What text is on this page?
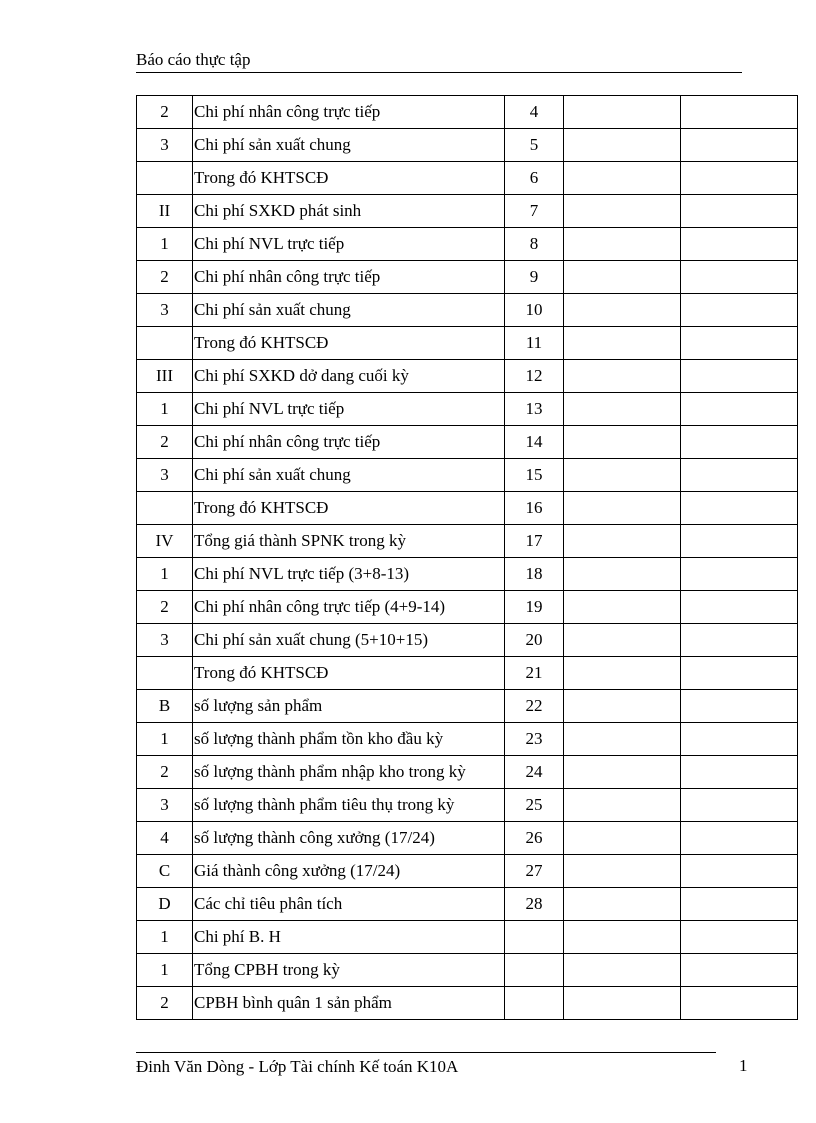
Báo cáo thực tập
2	Chi phí nhân công trực tiếp	4		
3	Chi phí sản xuất chung	5		
	Trong đó KHTSCĐ	6		
II	Chi phí SXKD phát sinh	7		
1	Chi phí NVL trực tiếp	8		
2	Chi phí nhân công trực tiếp	9		
3	Chi phí sản xuất chung	10		
	Trong đó KHTSCĐ	11		
III	Chi phí SXKD dở dang cuối kỳ	12		
1	Chi phí NVL trực tiếp	13		
2	Chi phí nhân công trực tiếp	14		
3	Chi phí sản xuất chung	15		
	Trong đó KHTSCĐ	16		
IV	Tổng giá thành SPNK trong kỳ	17		
1	Chi phí NVL trực tiếp (3+8-13)	18		
2	Chi phí nhân công trực tiếp (4+9-14)	19		
3	Chi phí sản xuất chung (5+10+15)	20		
	Trong đó KHTSCĐ	21		
B	số lượng sản phẩm	22		
1	số lượng thành phẩm tồn kho đầu kỳ	23		
2	số lượng thành phẩm nhập kho trong kỳ	24		
3	số lượng thành phẩm tiêu thụ trong kỳ	25		
4	số lượng thành công xưởng (17/24)	26		
C	Giá thành công xưởng (17/24)	27		
D	Các chỉ tiêu phân tích	28		
1	Chi phí B. H			
1	Tổng CPBH trong kỳ			
2	CPBH bình quân 1 sản phẩm			
Đinh Văn Dòng - Lớp Tài chính Kế toán K10A	1
